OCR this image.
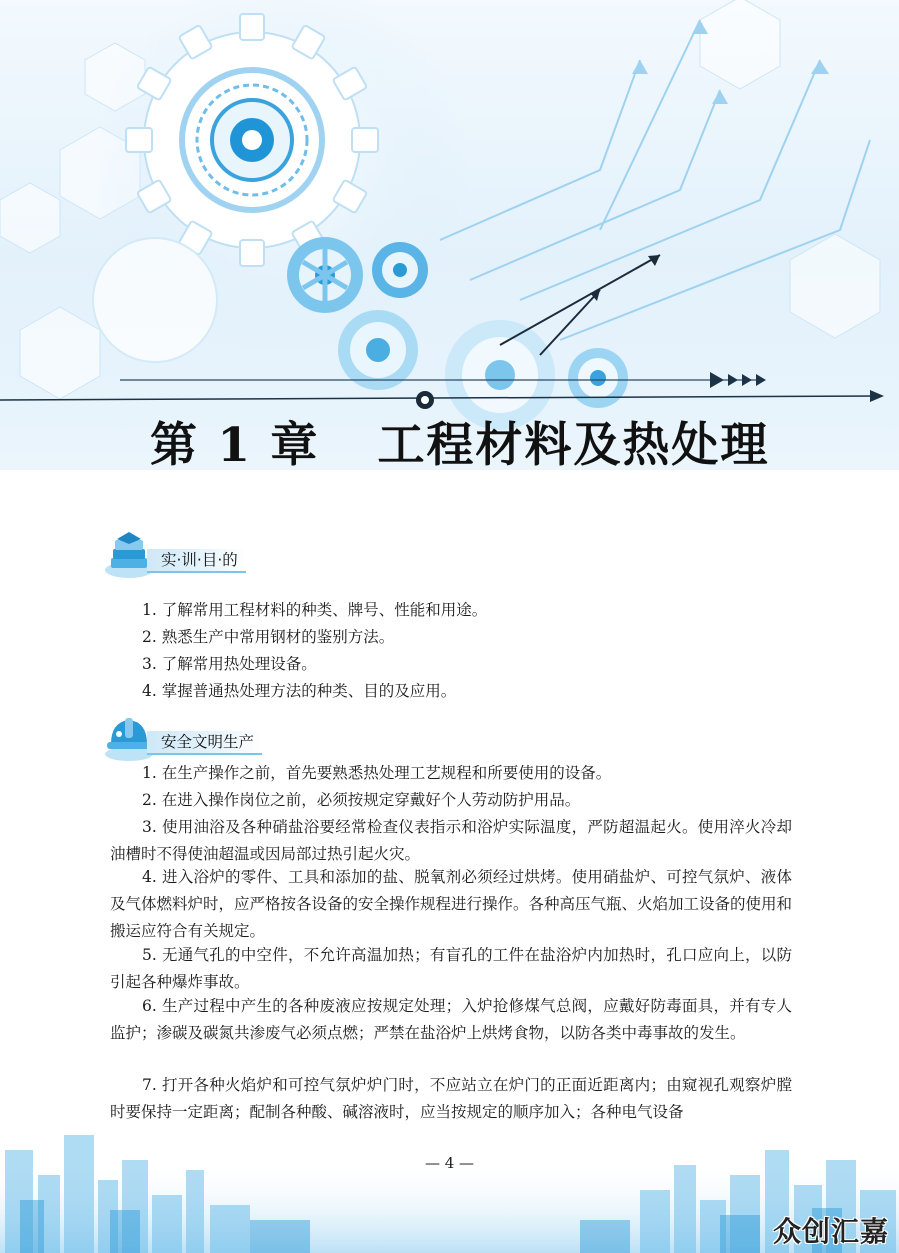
第 1 章 工程材料及热处理
实·训·目·的
1. 了解常用工程材料的种类、牌号、性能和用途。
2. 熟悉生产中常用钢材的鉴别方法。
3. 了解常用热处理设备。
4. 掌握普通热处理方法的种类、目的及应用。
安全文明生产
1. 在生产操作之前，首先要熟悉热处理工艺规程和所要使用的设备。
2. 在进入操作岗位之前，必须按规定穿戴好个人劳动防护用品。
3. 使用油浴及各种硝盐浴要经常检查仪表指示和浴炉实际温度，严防超温起火。使用淬火冷却油槽时不得使油超温或因局部过热引起火灾。
4. 进入浴炉的零件、工具和添加的盐、脱氧剂必须经过烘烤。使用硝盐炉、可控气氛炉、液体及气体燃料炉时，应严格按各设备的安全操作规程进行操作。各种高压气瓶、火焰加工设备的使用和搬运应符合有关规定。
5. 无通气孔的中空件，不允许高温加热；有盲孔的工件在盐浴炉内加热时，孔口应向上，以防引起各种爆炸事故。
6. 生产过程中产生的各种废液应按规定处理；入炉抢修煤气总阀，应戴好防毒面具，并有专人监护；渗碳及碳氮共渗废气必须点燃；严禁在盐浴炉上烘烤食物，以防各类中毒事故的发生。
7. 打开各种火焰炉和可控气氛炉炉门时，不应站立在炉门的正面近距离内；由窥视孔观察炉膛时要保持一定距离；配制各种酸、碱溶液时，应当按规定的顺序加入；各种电气设备
— 4 —
众创汇嘉
